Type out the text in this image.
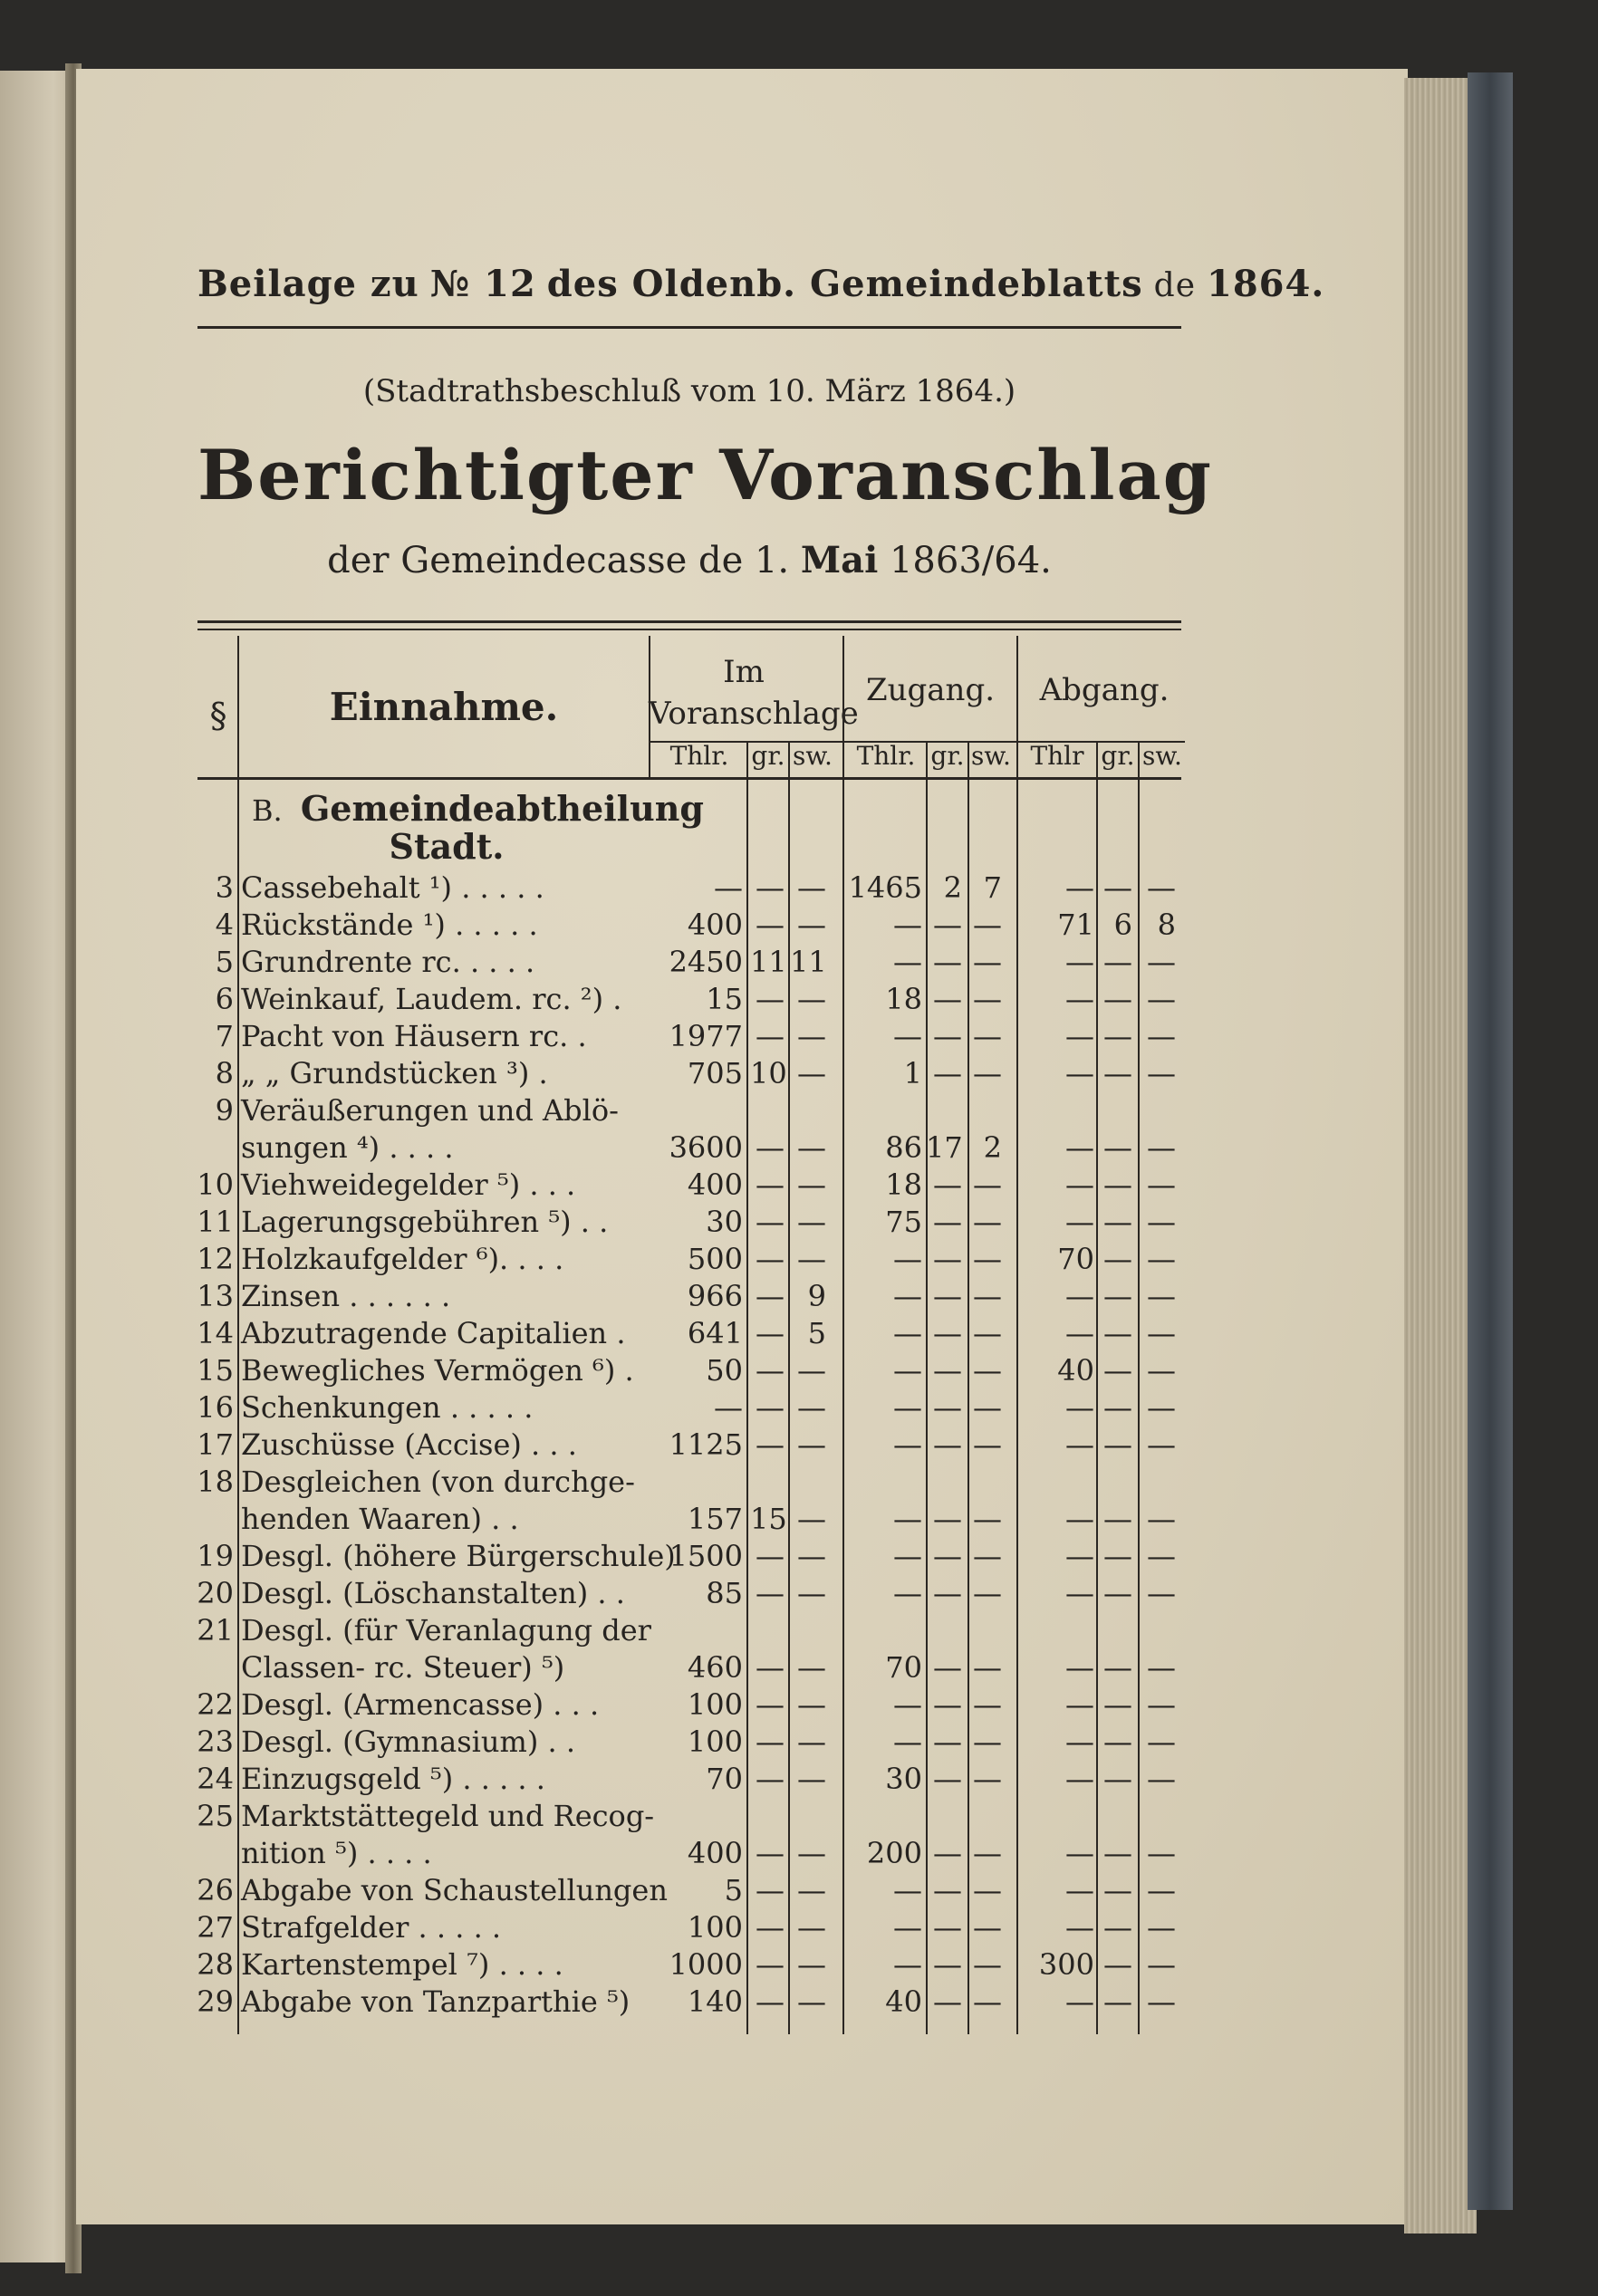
Beilage zu № 12 des Oldenb. Gemeindeblatts de 1864.
(Stadtrathsbeschluß vom 10. März 1864.)
Berichtigter Voranschlag
der Gemeindecasse de 1. Mai 1863/64.
§	Einnahme.
Im
Voranschlage
Zugang.	Abgang.
Thlr. gr. sw. Thlr. gr. sw. Thlr gr. sw.
B. Gemeindeabtheilung
Stadt.
3 Cassebehalt ¹) . . . . .	— — — 1465 2 7	— — —
4 Rückstände ¹) . . . . .	400 — —	— — —	71 6 8
5 Grundrente rc. . . . .	2450 11 11	— — —	— — —
6 Weinkauf, Laudem. rc. ²) .	15 — —	18 — —	— — —
7 Pacht von Häusern rc. .	1977 — —	— — —	— — —
8 „ „ Grundstücken ³) .	705 10 —	1 — —	— — —
9 Veräußerungen und Ablö-
sungen ⁴) . . . .	3600 — —	86 17 2	— — —
10 Viehweidegelder ⁵) . . .	400 — —	18 — —	— — —
11 Lagerungsgebühren ⁵) . .	30 — —	75 — —	— — —
12 Holzkaufgelder ⁶). . . .	500 — —	— — —	70 — —
13 Zinsen . . . . . .	966 — 9	— — —	— — —
14 Abzutragende Capitalien .	641 — 5	— — —	— — —
15 Bewegliches Vermögen ⁶) .	50 — —	— — —	40 — —
16 Schenkungen . . . . .	— — —	— — —	— — —
17 Zuschüsse (Accise) . . .	1125 — —	— — —	— — —
18 Desgleichen (von durchge-
henden Waaren) . .	157 15 —	— — —	— — —
19 Desgl. (höhere Bürgerschule)
1500 — —	— — —	— — —
20 Desgl. (Löschanstalten) . .	85 — —	— — —	— — —
21 Desgl. (für Veranlagung der
Classen- rc. Steuer) ⁵)	460 — —	70 — —	— — —
22 Desgl. (Armencasse) . . .	100 — —	— — —	— — —
23 Desgl. (Gymnasium) . .	100 — —	— — —	— — —
24 Einzugsgeld ⁵) . . . . .	70 — —	30 — —	— — —
25 Marktstättegeld und Recog-
nition ⁵) . . . .	400 — —	200 — —	— — —
26 Abgabe von Schaustellungen	5 — —	— — —	— — —
27 Strafgelder . . . . .	100 — —	— — —	— — —
28 Kartenstempel ⁷) . . . .	1000 — —	— — —	300 — —
29 Abgabe von Tanzparthie ⁵)	140 — —	40 — —	— — —
